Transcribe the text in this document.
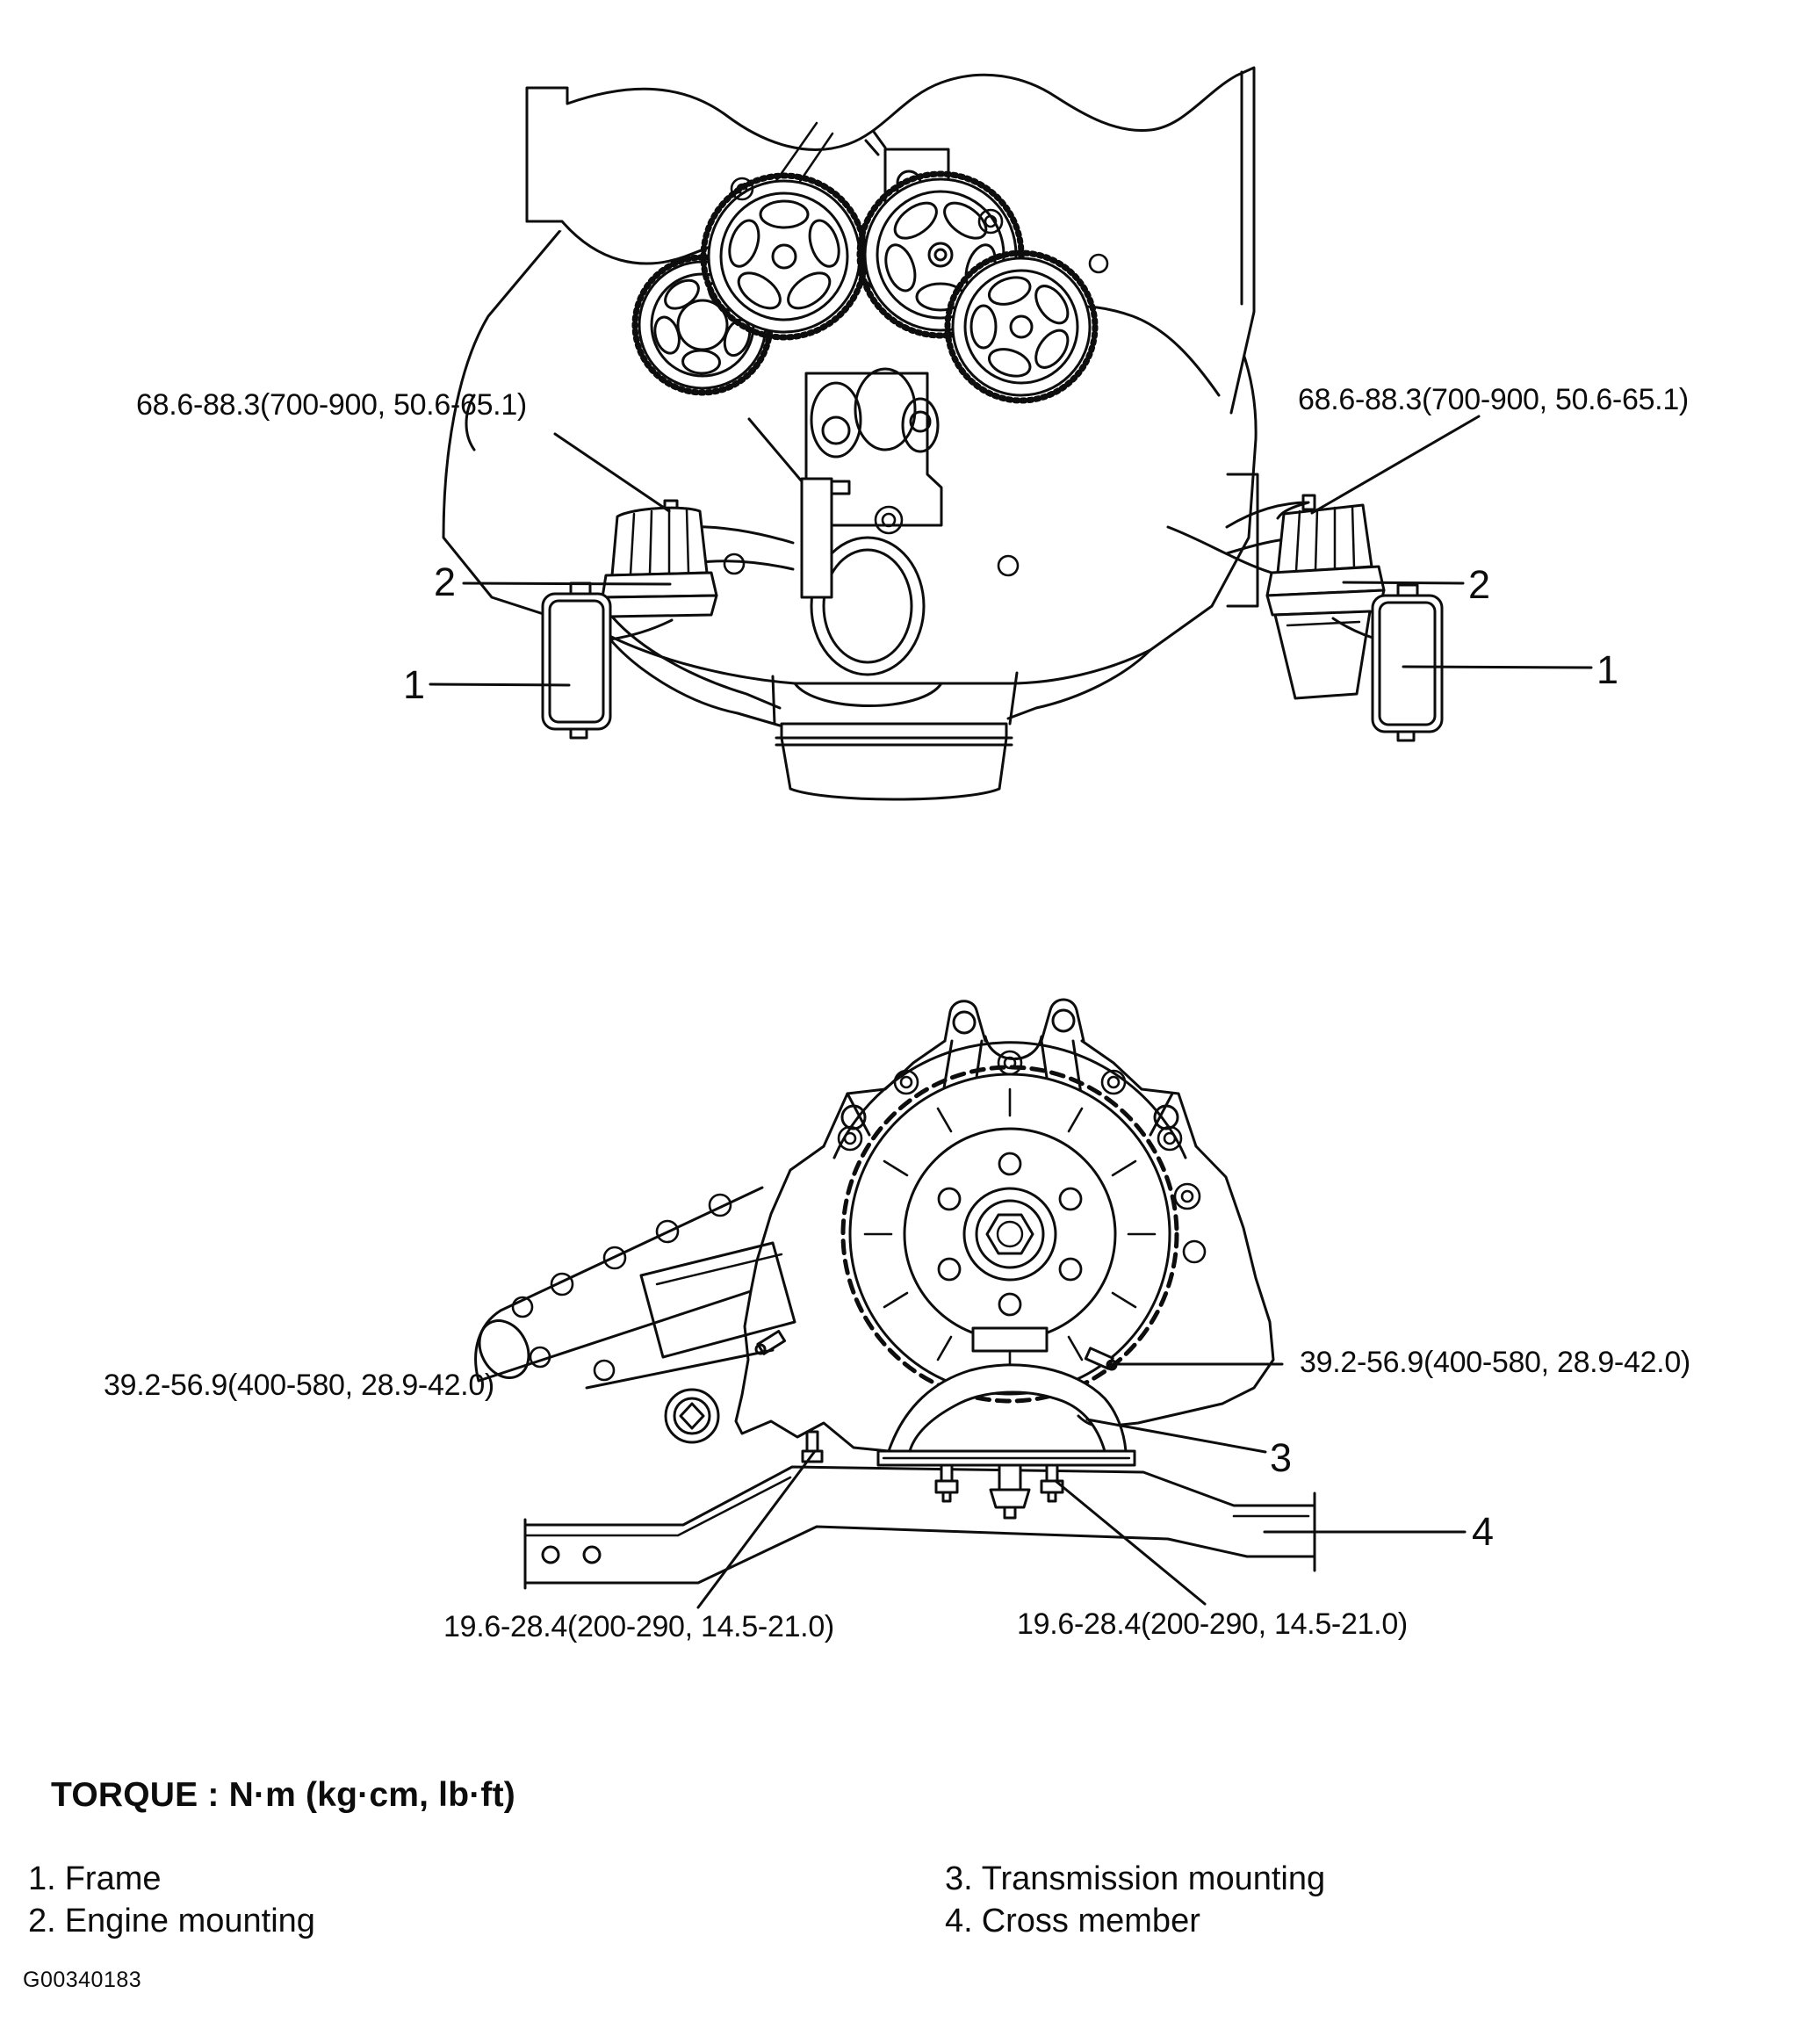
68.6-88.3(700-900, 50.6-65.1)	68.6-88.3(700-900, 50.6-65.1)
2	2
1	1
39.2-56.9(400-580, 28.9-42.0)
39.2-56.9(400-580, 28.9-42.0)
3
4
19.6-28.4(200-290, 14.5-21.0)	19.6-28.4(200-290, 14.5-21.0)
TORQUE : N·m (kg·cm, lb·ft)
1. Frame
2. Engine mounting
3. Transmission mounting
4. Cross member
G00340183
